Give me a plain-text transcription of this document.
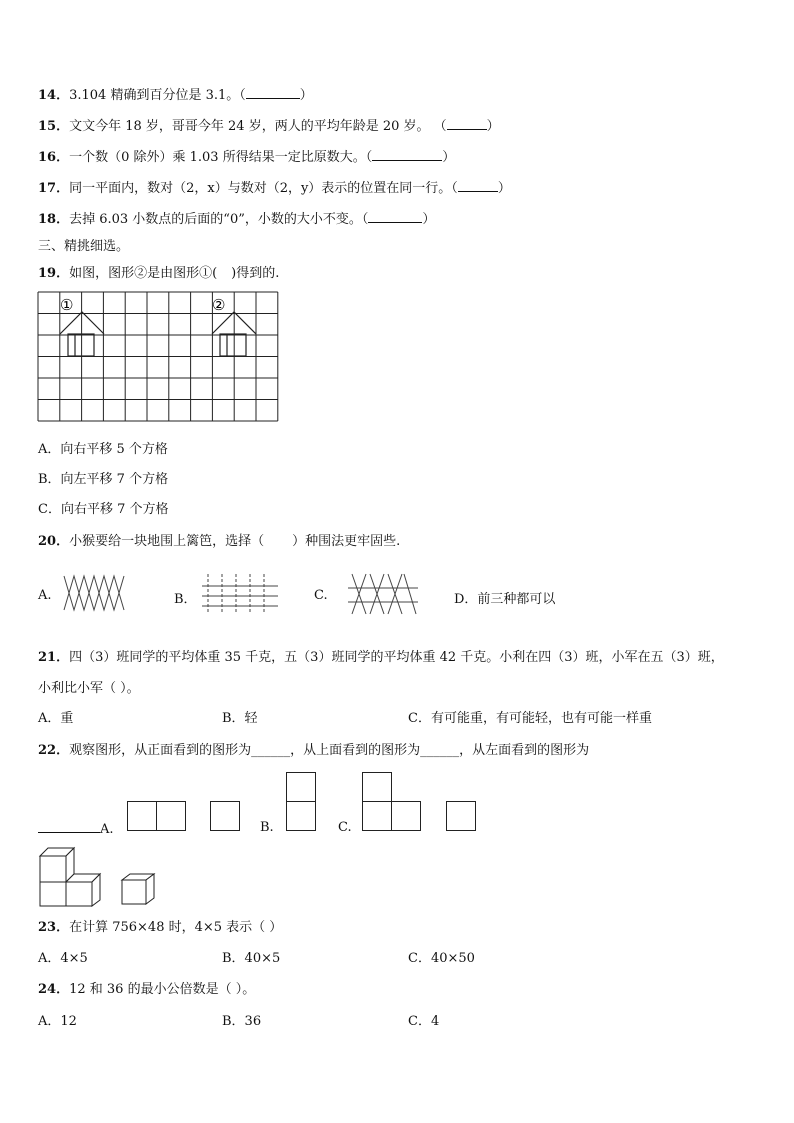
14．3.104 精确到百分位是 3.1。（	）
15．文文今年 18 岁，哥哥今年 24 岁，两人的平均年龄是 20 岁。 （	）
16．一个数（0 除外）乘 1.03 所得结果一定比原数大。（	）
17．同一平面内，数对（2，x）与数对（2，y）表示的位置在同一行。（	）
18．去掉 6.03 小数点的后面的“0”，小数的大小不变。（	）
三、精挑细选。
19．如图，图形②是由图形①( )得到的.
①	②
A．向右平移 5 个方格
B．向左平移 7 个方格
C．向右平移 7 个方格
20．小猴要给一块地围上篱笆，选择（ ）种围法更牢固些.
A.	B．	C.	D．前三种都可以
21．四（3）班同学的平均体重 35 千克，五（3）班同学的平均体重 42 千克。小利在四（3）班，小军在五（3）班，
小利比小军（ ）。
A．重	B．轻	C．有可能重，有可能轻，也有可能一样重
22．观察图形，从正面看到的图形为______，从上面看到的图形为______，从左面看到的图形为
A.	B.	C.
23．在计算 756×48 时，4×5 表示（ ）
A．4×5	B．40×5	C．40×50
24．12 和 36 的最小公倍数是（ ）。
A．12	B．36	C．4
